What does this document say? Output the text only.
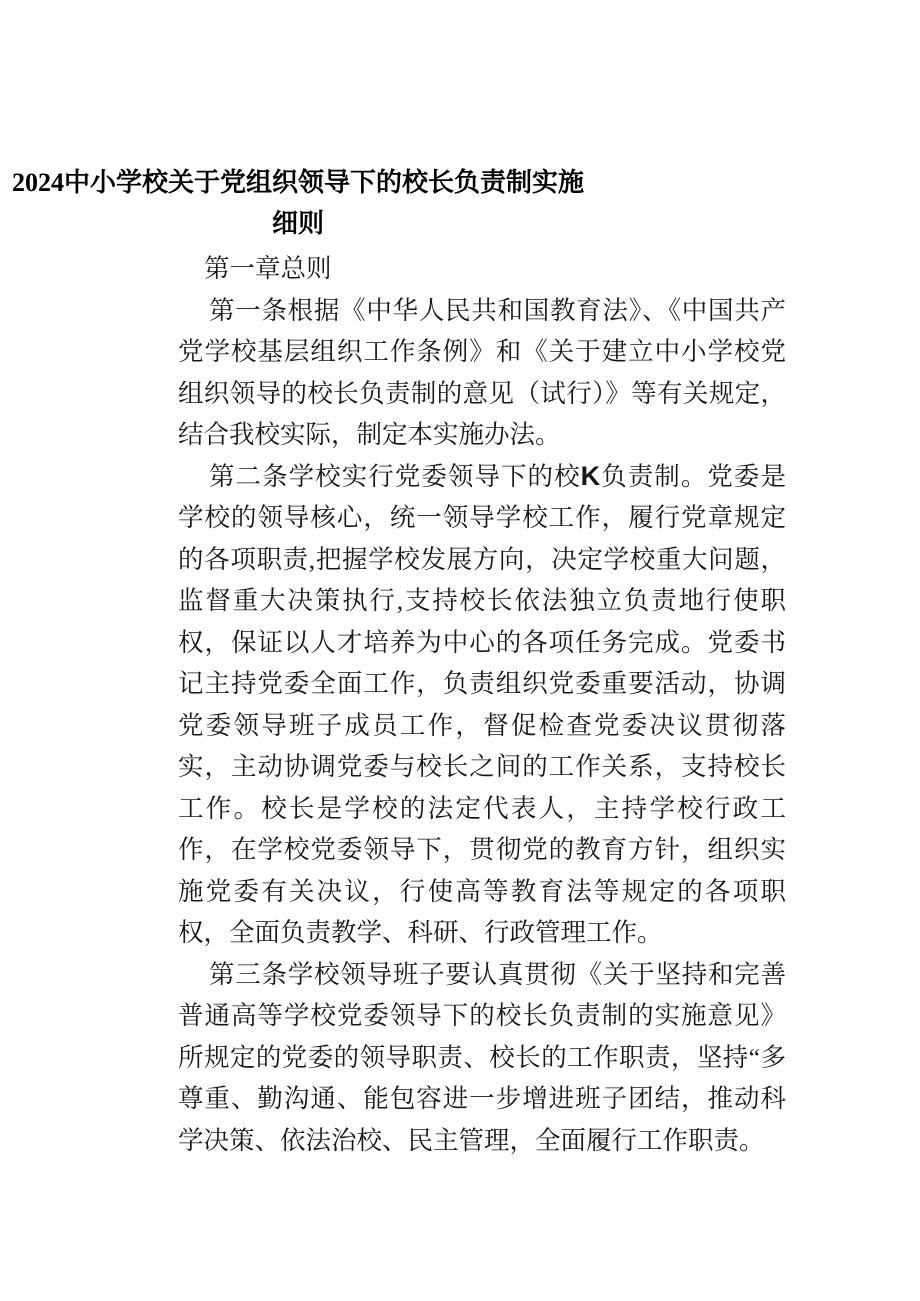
2024中小学校关于党组织领导下的校长负责制实施细则

第一章总则

第一条根据《中华人民共和国教育法》、《中国共产党学校基层组织工作条例》和《关于建立中小学校党组织领导的校长负责制的意见（试行）》等有关规定，结合我校实际，制定本实施办法。

第二条学校实行党委领导下的校K负责制。党委是学校的领导核心，统一领导学校工作，履行党章规定的各项职责,把握学校发展方向，决定学校重大问题，监督重大决策执行,支持校长依法独立负责地行使职权，保证以人才培养为中心的各项任务完成。党委书记主持党委全面工作，负责组织党委重要活动，协调党委领导班子成员工作，督促检查党委决议贯彻落实，主动协调党委与校长之间的工作关系，支持校长工作。校长是学校的法定代表人，主持学校行政工作，在学校党委领导下，贯彻党的教育方针，组织实施党委有关决议，行使高等教育法等规定的各项职权，全面负责教学、科研、行政管理工作。

第三条学校领导班子要认真贯彻《关于坚持和完善普通高等学校党委领导下的校长负责制的实施意见》所规定的党委的领导职责、校长的工作职责，坚持“多尊重、勤沟通、能包容进一步增进班子团结，推动科学决策、依法治校、民主管理，全面履行工作职责。
